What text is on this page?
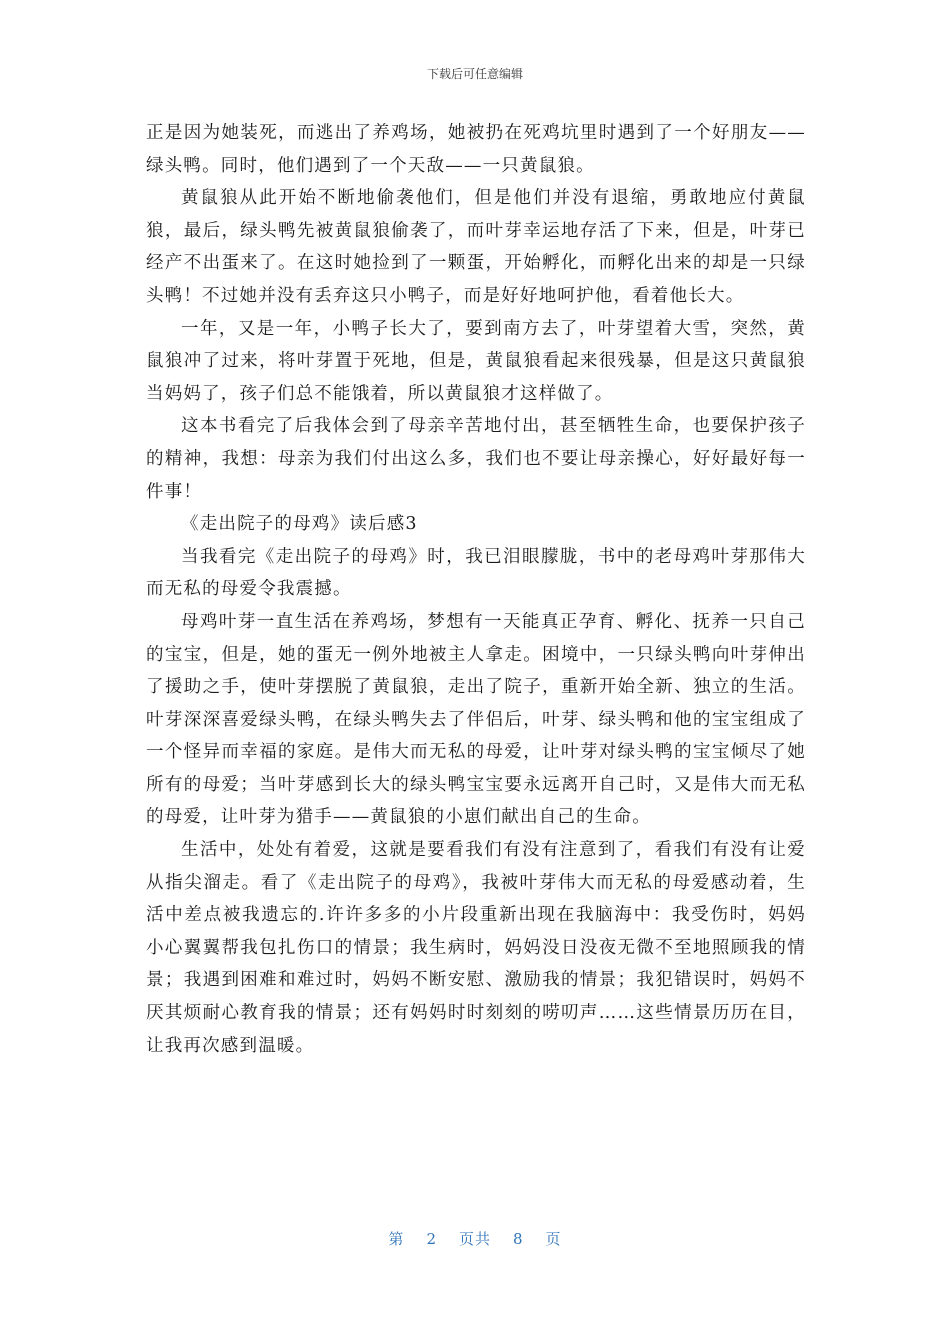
下载后可任意编辑

正是因为她装死，而逃出了养鸡场，她被扔在死鸡坑里时遇到了一个好朋友——绿头鸭。同时，他们遇到了一个天敌——一只黄鼠狼。

黄鼠狼从此开始不断地偷袭他们，但是他们并没有退缩，勇敢地应付黄鼠狼，最后，绿头鸭先被黄鼠狼偷袭了，而叶芽幸运地存活了下来，但是，叶芽已经产不出蛋来了。在这时她捡到了一颗蛋，开始孵化，而孵化出来的却是一只绿头鸭！不过她并没有丢弃这只小鸭子，而是好好地呵护他，看着他长大。

一年，又是一年，小鸭子长大了，要到南方去了，叶芽望着大雪，突然，黄鼠狼冲了过来，将叶芽置于死地，但是，黄鼠狼看起来很残暴，但是这只黄鼠狼当妈妈了，孩子们总不能饿着，所以黄鼠狼才这样做了。

这本书看完了后我体会到了母亲辛苦地付出，甚至牺牲生命，也要保护孩子的精神，我想：母亲为我们付出这么多，我们也不要让母亲操心，好好最好每一件事！

《走出院子的母鸡》读后感3

当我看完《走出院子的母鸡》时，我已泪眼朦胧，书中的老母鸡叶芽那伟大而无私的母爱令我震撼。

母鸡叶芽一直生活在养鸡场，梦想有一天能真正孕育、孵化、抚养一只自己的宝宝，但是，她的蛋无一例外地被主人拿走。困境中，一只绿头鸭向叶芽伸出了援助之手，使叶芽摆脱了黄鼠狼，走出了院子，重新开始全新、独立的生活。叶芽深深喜爱绿头鸭，在绿头鸭失去了伴侣后，叶芽、绿头鸭和他的宝宝组成了一个怪异而幸福的家庭。是伟大而无私的母爱，让叶芽对绿头鸭的宝宝倾尽了她所有的母爱；当叶芽感到长大的绿头鸭宝宝要永远离开自己时，又是伟大而无私的母爱，让叶芽为猎手——黄鼠狼的小崽们献出自己的生命。

生活中，处处有着爱，这就是要看我们有没有注意到了，看我们有没有让爱从指尖溜走。看了《走出院子的母鸡》，我被叶芽伟大而无私的母爱感动着，生活中差点被我遗忘的.许许多多的小片段重新出现在我脑海中：我受伤时，妈妈小心翼翼帮我包扎伤口的情景；我生病时，妈妈没日没夜无微不至地照顾我的情景；我遇到困难和难过时，妈妈不断安慰、激励我的情景；我犯错误时，妈妈不厌其烦耐心教育我的情景；还有妈妈时时刻刻的唠叨声……这些情景历历在目，让我再次感到温暖。

第 2 页共 8 页
